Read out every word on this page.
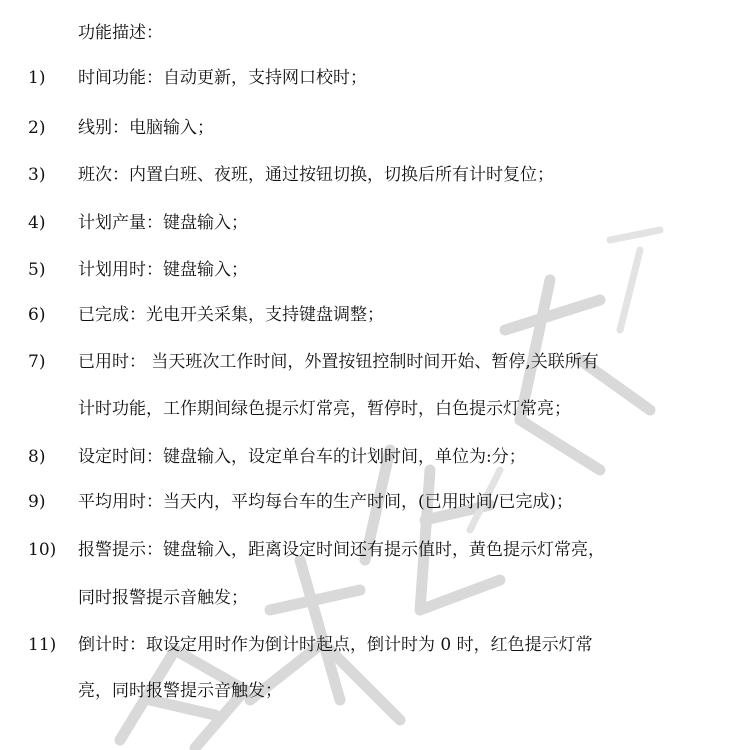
功能描述：
1) 时间功能：自动更新，支持网口校时；
2) 线别：电脑输入；
3) 班次：内置白班、夜班，通过按钮切换，切换后所有计时复位；
4) 计划产量：键盘输入；
5) 计划用时：键盘输入；
6) 已完成：光电开关采集，支持键盘调整；
7) 已用时： 当天班次工作时间，外置按钮控制时间开始、暂停,关联所有
计时功能，工作期间绿色提示灯常亮，暂停时，白色提示灯常亮；
8) 设定时间：键盘输入，设定单台车的计划时间，单位为:分；
9) 平均用时：当天内，平均每台车的生产时间，(已用时间/已完成)；
10) 报警提示：键盘输入，距离设定时间还有提示值时，黄色提示灯常亮，
同时报警提示音触发；
11) 倒计时：取设定用时作为倒计时起点，倒计时为 0 时，红色提示灯常
亮，同时报警提示音触发；
